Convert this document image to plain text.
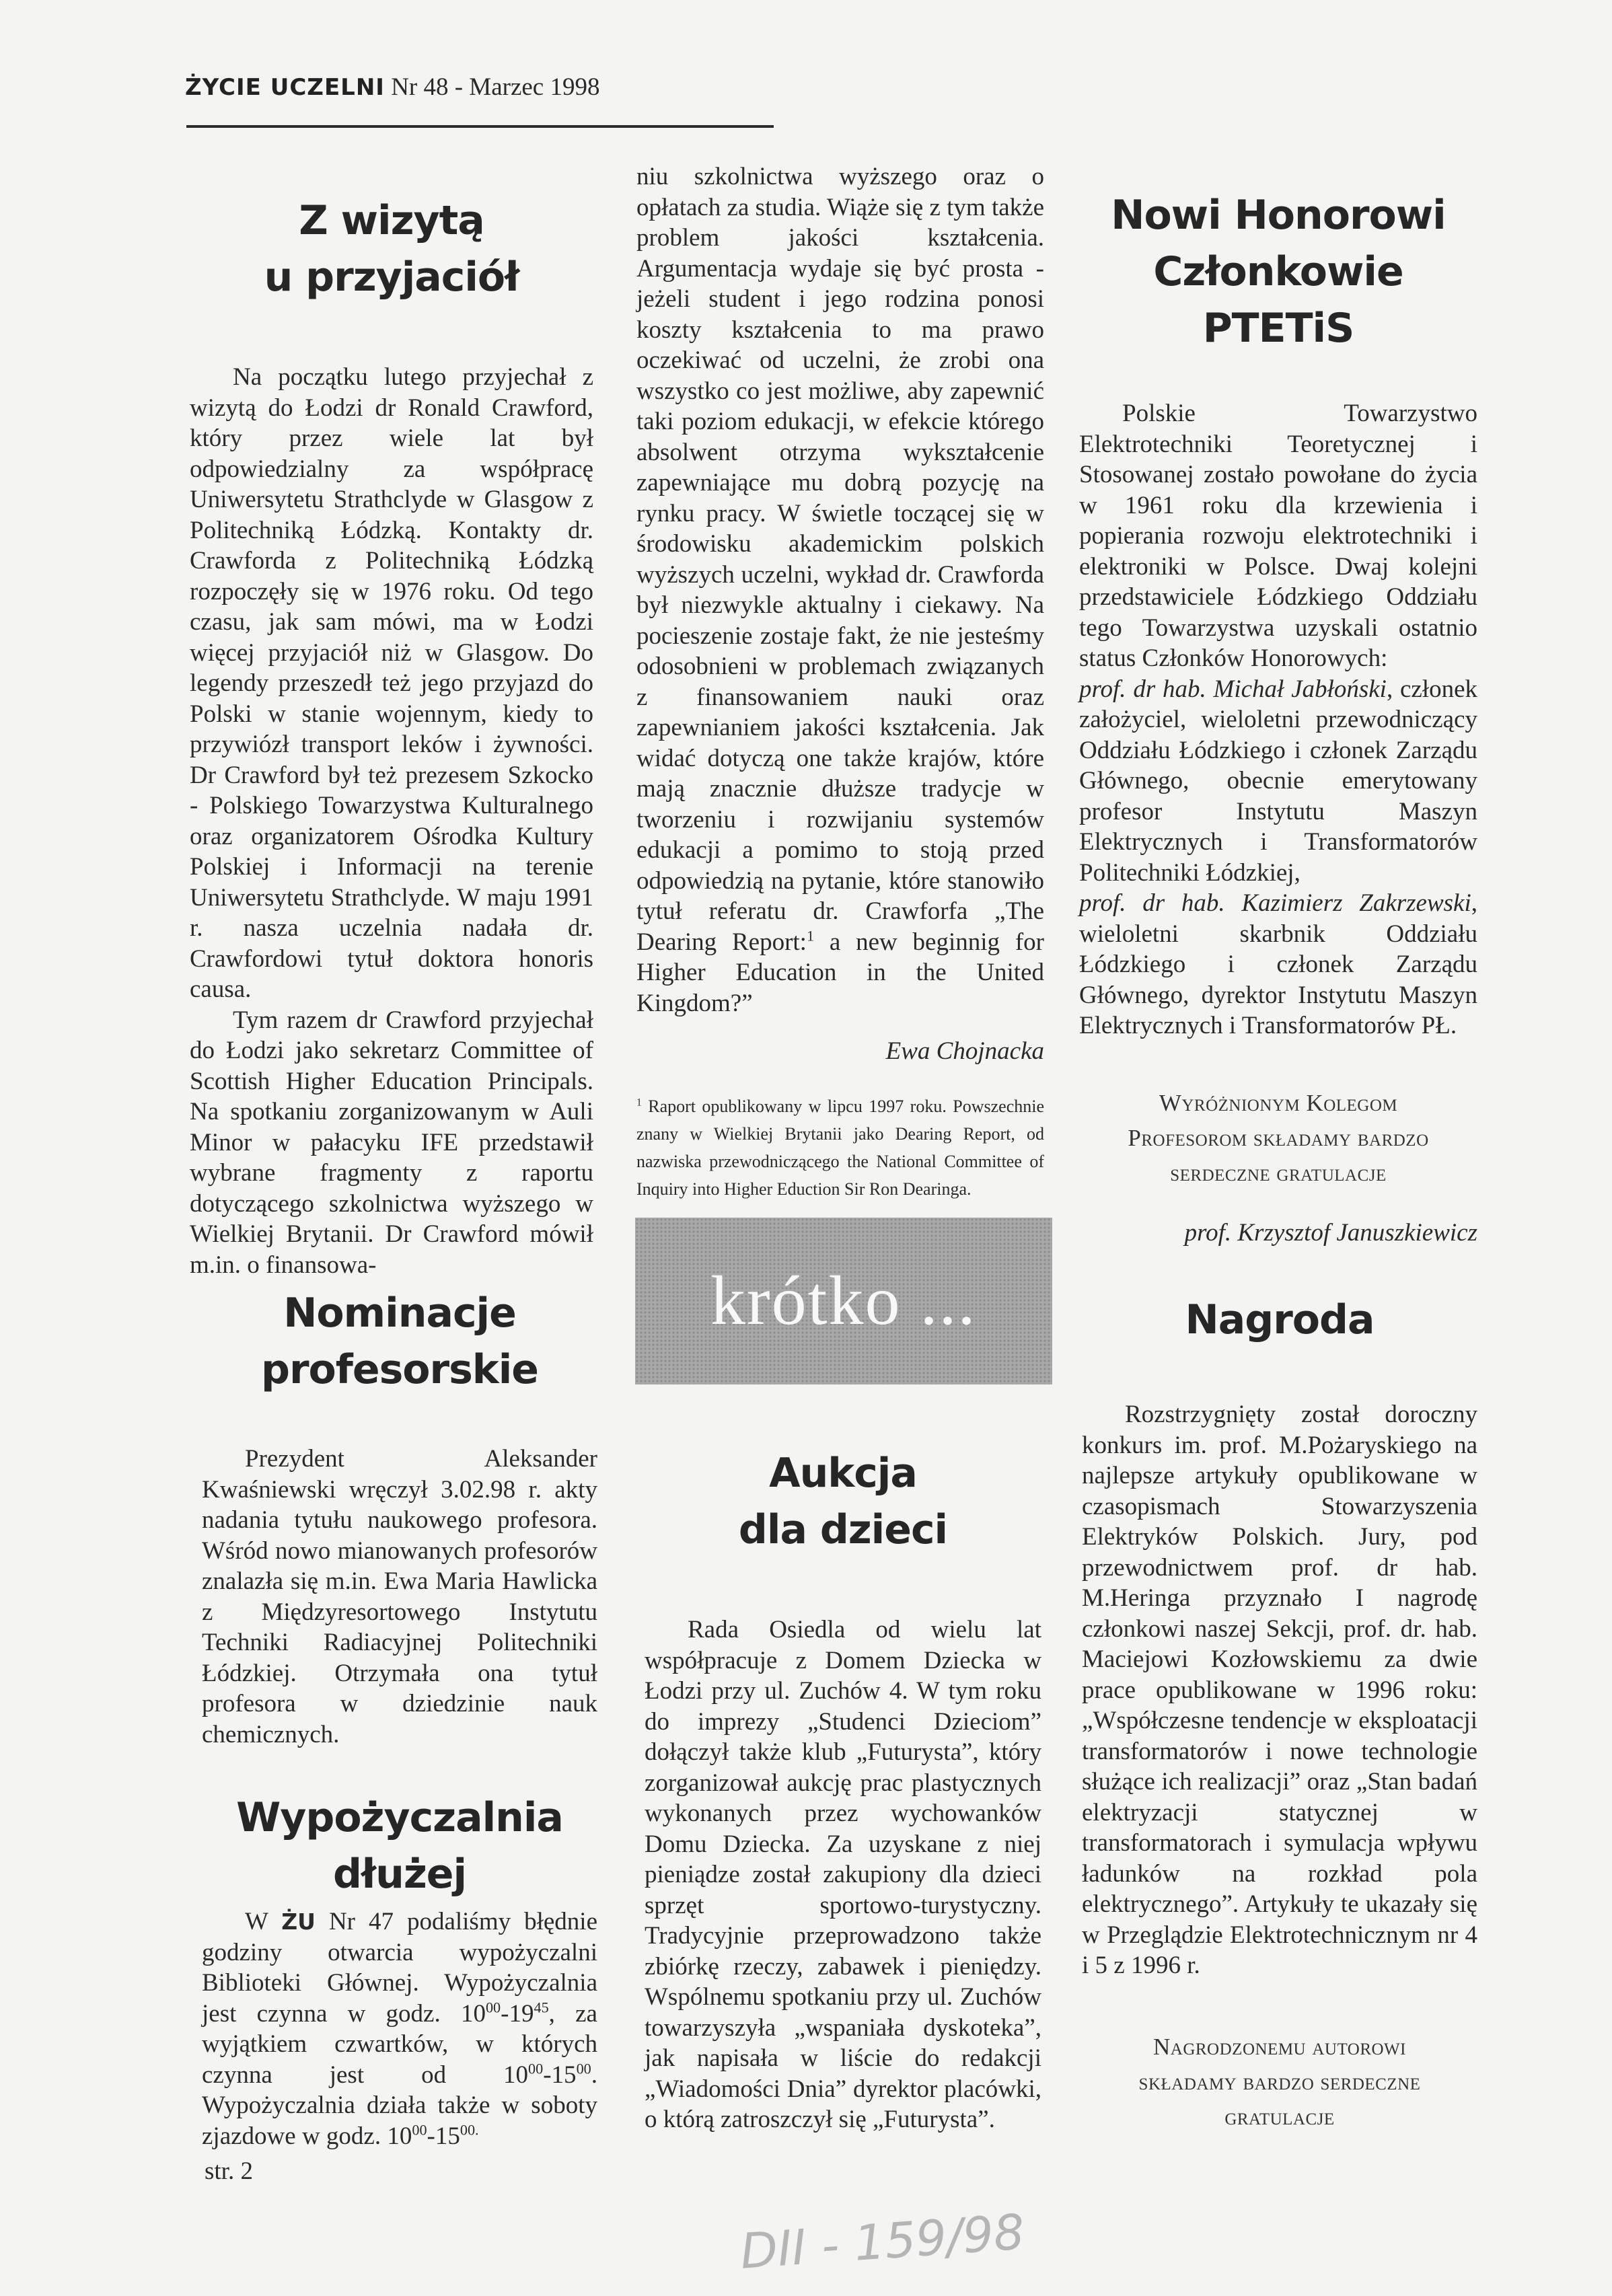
ŻYCIE UCZELNI Nr 48 - Marzec 1998
Z wizytą
u przyjaciół

Na początku lutego przyjechał z wizytą do Łodzi dr Ronald Crawford, który przez wiele lat był odpowiedzialny za współpracę Uniwersytetu Strathclyde w Glasgow z Politechniką Łódzką. Kontakty dr. Crawforda z Politechniką Łódzką rozpoczęły się w 1976 roku. Od tego czasu, jak sam mówi, ma w Łodzi więcej przyjaciół niż w Glasgow. Do legendy przeszedł też jego przyjazd do Polski w stanie wojennym, kiedy to przywiózł transport leków i żywności. Dr Crawford był też prezesem Szkocko - Polskiego Towarzystwa Kulturalnego oraz organizatorem Ośrodka Kultury Polskiej i Informacji na terenie Uniwersytetu Strathclyde. W maju 1991 r. nasza uczelnia nadała dr. Crawfordowi tytuł doktora honoris causa.

Tym razem dr Crawford przyjechał do Łodzi jako sekretarz Committee of Scottish Higher Education Principals. Na spotkaniu zorganizowanym w Auli Minor w pałacyku IFE przedstawił wybrane fragmenty z raportu dotyczącego szkolnictwa wyższego w Wielkiej Brytanii. Dr Crawford mówił m.in. o finansowa-

niu szkolnictwa wyższego oraz o opłatach za studia. Wiąże się z tym także problem jakości kształcenia. Argumentacja wydaje się być prosta - jeżeli student i jego rodzina ponosi koszty kształcenia to ma prawo oczekiwać od uczelni, że zrobi ona wszystko co jest możliwe, aby zapewnić taki poziom edukacji, w efekcie którego absolwent otrzyma wykształcenie zapewniające mu dobrą pozycję na rynku pracy. W świetle toczącej się w środowisku akademickim polskich wyższych uczelni, wykład dr. Crawforda był niezwykle aktualny i ciekawy. Na pocieszenie zostaje fakt, że nie jesteśmy odosobnieni w problemach związanych z finansowaniem nauki oraz zapewnianiem jakości kształcenia. Jak widać dotyczą one także krajów, które mają znacznie dłuższe tradycje w tworzeniu i rozwijaniu systemów edukacji a pomimo to stoją przed odpowiedzią na pytanie, które stanowiło tytuł referatu dr. Crawforfa „The Dearing Report:$^1$ a new beginnig for Higher Education in the United Kingdom?”

Ewa Chojnacka

$^1$ Raport opublikowany w lipcu 1997 roku. Powszechnie znany w Wielkiej Brytanii jako Dearing Report, od nazwiska przewodniczącego the National Committee of Inquiry into Higher Eduction Sir Ron Dearinga.

Nowi Honorowi
Członkowie
PTETiS

Polskie Towarzystwo Elektrotechniki Teoretycznej i Stosowanej zostało powołane do życia w 1961 roku dla krzewienia i popierania rozwoju elektrotechniki i elektroniki w Polsce. Dwaj kolejni przedstawiciele Łódzkiego Oddziału tego Towarzystwa uzyskali ostatnio status Członków Honorowych:

prof. dr hab. Michał Jabłoński, członek założyciel, wieloletni przewodniczący Oddziału Łódzkiego i członek Zarządu Głównego, obecnie emerytowany profesor Instytutu Maszyn Elektrycznych i Transformatorów Politechniki Łódzkiej,

prof. dr hab. Kazimierz Zakrzewski, wieloletni skarbnik Oddziału Łódzkiego i członek Zarządu Głównego, dyrektor Instytutu Maszyn Elektrycznych i Transformatorów PŁ.

Wyróżnionym Kolegom Profesorom składamy bardzo serdeczne gratulacje

prof. Krzysztof Januszkiewicz

Nominacje
profesorskie

Prezydent Aleksander Kwaśniewski wręczył 3.02.98 r. akty nadania tytułu naukowego profesora. Wśród nowo mianowanych profesorów znalazła się m.in. Ewa Maria Hawlicka z Międzyresortowego Instytutu Techniki Radiacyjnej Politechniki Łódzkiej. Otrzymała ona tytuł profesora w dziedzinie nauk chemicznych.

Wypożyczalnia
dłużej

W ŻU Nr 47 podaliśmy błędnie godziny otwarcia wypożyczalni Biblioteki Głównej. Wypożyczalnia jest czynna w godz. $10^{00}-19^{45}$, za wyjątkiem czwartków, w których czynna jest od $10^{00}-15^{00}$. Wypożyczalnia działa także w soboty zjazdowe w godz. $10^{00}-15^{00.}$

krótko ...
Aukcja
dla dzieci

Rada Osiedla od wielu lat współpracuje z Domem Dziecka w Łodzi przy ul. Zuchów 4. W tym roku do imprezy „Studenci Dzieciom” dołączył także klub „Futurysta”, który zorganizował aukcję prac plastycznych wykonanych przez wychowanków Domu Dziecka. Za uzyskane z niej pieniądze został zakupiony dla dzieci sprzęt sportowo-turystyczny. Tradycyjnie przeprowadzono także zbiórkę rzeczy, zabawek i pieniędzy. Wspólnemu spotkaniu przy ul. Zuchów towarzyszyła „wspaniała dyskoteka”, jak napisała w liście do redakcji „Wiadomości Dnia” dyrektor placówki, o którą zatroszczył się „Futurysta”.

Nagroda

Rozstrzygnięty został doroczny konkurs im. prof. M.Pożaryskiego na najlepsze artykuły opublikowane w czasopismach Stowarzyszenia Elektryków Polskich. Jury, pod przewodnictwem prof. dr hab. M.Heringa przyznało I nagrodę członkowi naszej Sekcji, prof. dr. hab. Maciejowi Kozłowskiemu za dwie prace opublikowane w 1996 roku: „Współczesne tendencje w eksploatacji transformatorów i nowe technologie służące ich realizacji” oraz „Stan badań elektryzacji statycznej w transformatorach i symulacja wpływu ładunków na rozkład pola elektrycznego”. Artykuły te ukazały się w Przeglądzie Elektrotechnicznym nr 4 i 5 z 1996 r.

Nagrodzonemu autorowi składamy bardzo serdeczne gratulacje

str. 2
DII - 159/98
